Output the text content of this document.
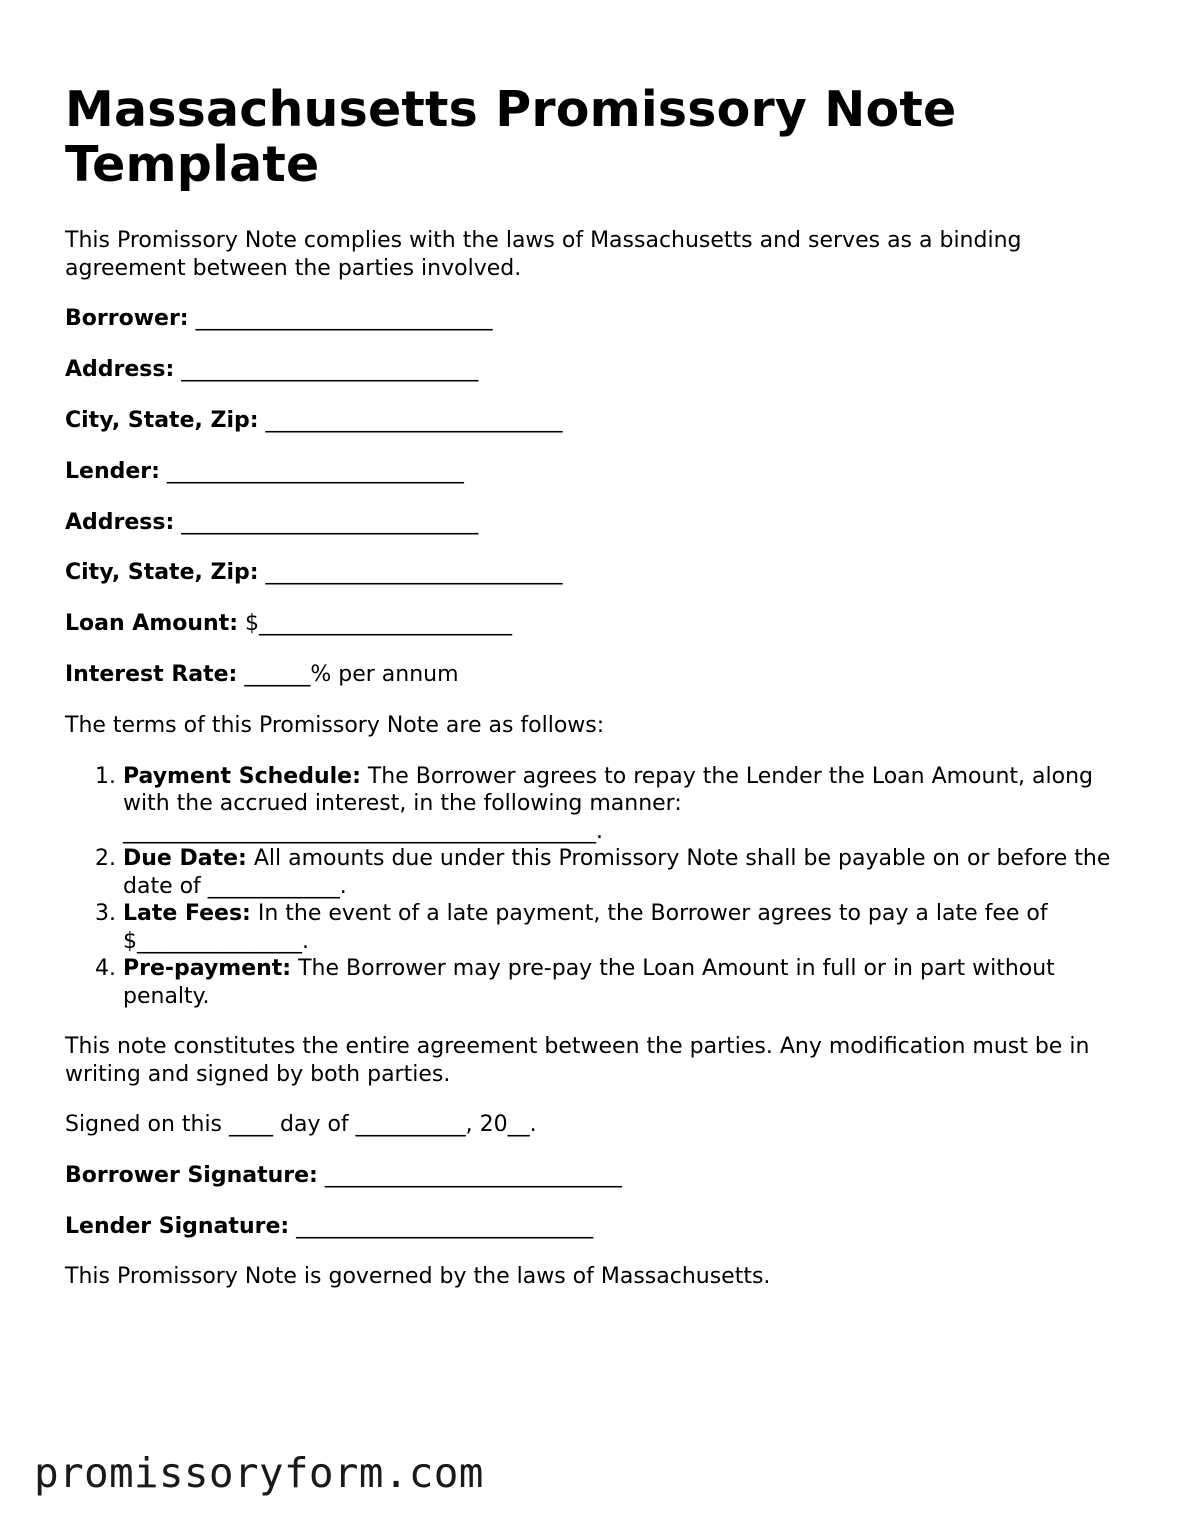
Massachusetts Promissory Note Template

This Promissory Note complies with the laws of Massachusetts and serves as a binding agreement between the parties involved.

Borrower: ___________________________

Address: ___________________________

City, State, Zip: ___________________________

Lender: ___________________________

Address: ___________________________

City, State, Zip: ___________________________

Loan Amount: $_______________________

Interest Rate: ______% per annum

The terms of this Promissory Note are as follows:

1. Payment Schedule: The Borrower agrees to repay the Lender the Loan Amount, along with the accrued interest, in the following manner: ___________________________________________.
2. Due Date: All amounts due under this Promissory Note shall be payable on or before the date of ____________.
3. Late Fees: In the event of a late payment, the Borrower agrees to pay a late fee of $_______________.
4. Pre-payment: The Borrower may pre-pay the Loan Amount in full or in part without penalty.

This note constitutes the entire agreement between the parties. Any modification must be in writing and signed by both parties.

Signed on this ____ day of __________, 20__.

Borrower Signature: ___________________________

Lender Signature: ___________________________

This Promissory Note is governed by the laws of Massachusetts.

promissoryform.com
